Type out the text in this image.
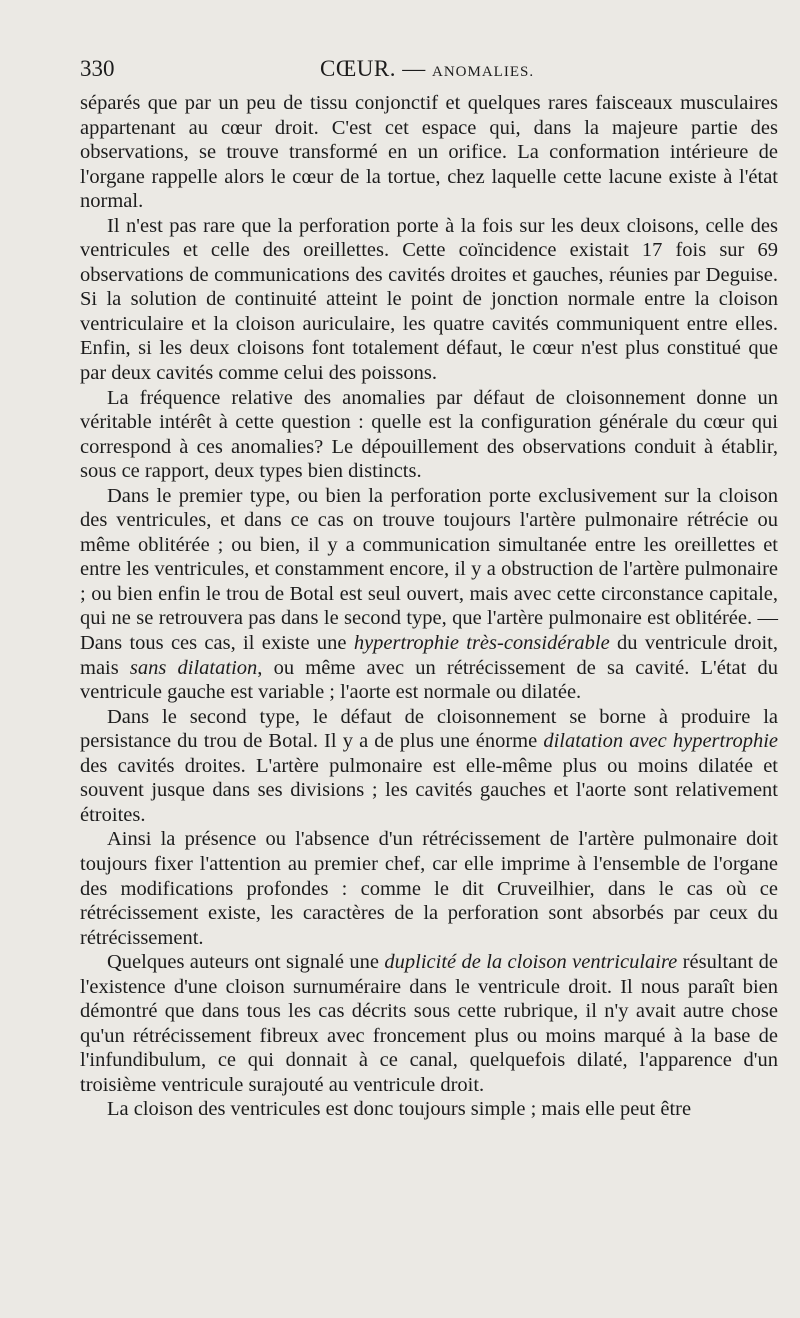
330	CŒUR. — ANOMALIES.

séparés que par un peu de tissu conjonctif et quelques rares faisceaux musculaires appartenant au cœur droit. C'est cet espace qui, dans la majeure partie des observations, se trouve transformé en un orifice. La conformation intérieure de l'organe rappelle alors le cœur de la tortue, chez laquelle cette lacune existe à l'état normal.

Il n'est pas rare que la perforation porte à la fois sur les deux cloisons, celle des ventricules et celle des oreillettes. Cette coïncidence existait 17 fois sur 69 observations de communications des cavités droites et gauches, réunies par Deguise. Si la solution de continuité atteint le point de jonction normale entre la cloison ventriculaire et la cloison auriculaire, les quatre cavités communiquent entre elles. Enfin, si les deux cloisons font totalement défaut, le cœur n'est plus constitué que par deux cavités comme celui des poissons.

La fréquence relative des anomalies par défaut de cloisonnement donne un véritable intérêt à cette question : quelle est la configuration générale du cœur qui correspond à ces anomalies? Le dépouillement des observations conduit à établir, sous ce rapport, deux types bien distincts.

Dans le premier type, ou bien la perforation porte exclusivement sur la cloison des ventricules, et dans ce cas on trouve toujours l'artère pulmonaire rétrécie ou même oblitérée ; ou bien, il y a communication simultanée entre les oreillettes et entre les ventricules, et constamment encore, il y a obstruction de l'artère pulmonaire ; ou bien enfin le trou de Botal est seul ouvert, mais avec cette circonstance capitale, qui ne se retrouvera pas dans le second type, que l'artère pulmonaire est oblitérée. — Dans tous ces cas, il existe une hypertrophie très-considérable du ventricule droit, mais sans dilatation, ou même avec un rétrécissement de sa cavité. L'état du ventricule gauche est variable ; l'aorte est normale ou dilatée.

Dans le second type, le défaut de cloisonnement se borne à produire la persistance du trou de Botal. Il y a de plus une énorme dilatation avec hypertrophie des cavités droites. L'artère pulmonaire est elle-même plus ou moins dilatée et souvent jusque dans ses divisions ; les cavités gauches et l'aorte sont relativement étroites.

Ainsi la présence ou l'absence d'un rétrécissement de l'artère pulmonaire doit toujours fixer l'attention au premier chef, car elle imprime à l'ensemble de l'organe des modifications profondes : comme le dit Cruveilhier, dans le cas où ce rétrécissement existe, les caractères de la perforation sont absorbés par ceux du rétrécissement.

Quelques auteurs ont signalé une duplicité de la cloison ventriculaire résultant de l'existence d'une cloison surnuméraire dans le ventricule droit. Il nous paraît bien démontré que dans tous les cas décrits sous cette rubrique, il n'y avait autre chose qu'un rétrécissement fibreux avec froncement plus ou moins marqué à la base de l'infundibulum, ce qui donnait à ce canal, quelquefois dilaté, l'apparence d'un troisième ventricule surajouté au ventricule droit.

La cloison des ventricules est donc toujours simple ; mais elle peut être
